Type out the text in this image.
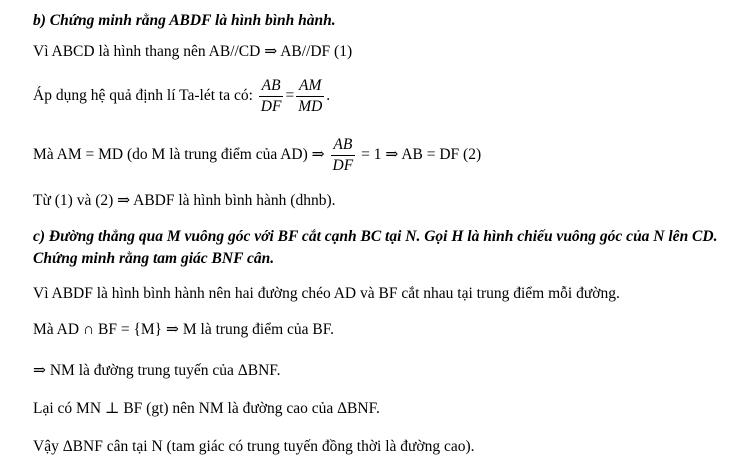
b) Chứng minh rằng ABDF là hình bình hành.
Vì ABCD là hình thang nên AB//CD ⇒ AB//DF (1)
Áp dụng hệ quả định lí Ta-lét ta có: $\frac{AB}{DF} = \frac{AM}{MD}$ .
Mà AM = MD (do M là trung điểm của AD) ⇒ $\frac{AB}{DF} = 1$ ⇒ AB = DF (2)
Từ (1) và (2) ⇒ ABDF là hình bình hành (dhnb).
c) Đường thẳng qua M vuông góc với BF cắt cạnh BC tại N. Gọi H là hình chiếu vuông góc của N lên CD. Chứng minh rằng tam giác BNF cân.
Vì ABDF là hình bình hành nên hai đường chéo AD và BF cắt nhau tại trung điểm mỗi đường.
Mà AD ∩ BF = {M} ⇒ M là trung điểm của BF.
⇒ NM là đường trung tuyến của ΔBNF.
Lại có MN ⊥ BF (gt) nên NM là đường cao của ΔBNF.
Vậy ΔBNF cân tại N (tam giác có trung tuyến đồng thời là đường cao).
